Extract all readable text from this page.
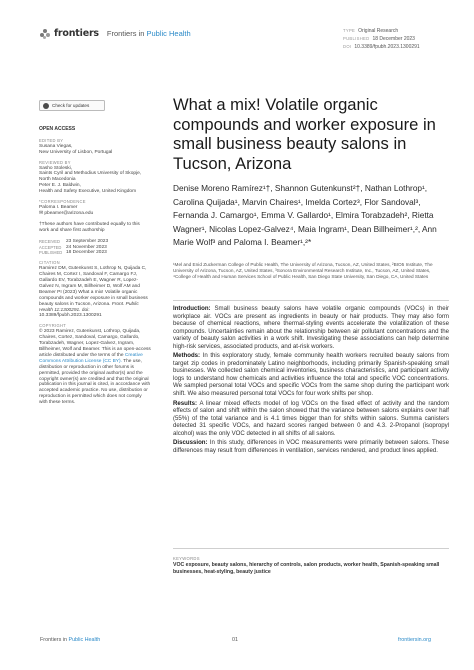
frontiers Frontiers in Public Health	TYPE Original Research
PUBLISHED 18 December 2023
DOI 10.3389/fpubh.2023.1300291
Check for updates
OPEN ACCESS
EDITED BY
Susana Viegas,
New University of Lisbon, Portugal
REVIEWED BY
Sasho Stoleski,
Saints Cyril and Methodius University of Skopje,
North Macedonia
Peter E. J. Baldwin,
Health and Safety Executive, United Kingdom
*CORRESPONDENCE
Paloma I. Beamer
✉ pbeamer@arizona.edu
†These authors have contributed equally to this work and share first authorship
RECEIVED	23 September 2023
ACCEPTED 24 November 2023
PUBLISHED 18 December 2023
CITATION
Ramirez DM, Gutenkunst S, Lothrop N, Quijada C, Chaires M, Cortez I, Sandoval F, Camargo FJ, Gallardo EV, Torabzadeh E, Wagner R, Lopez-Galvez N, Ingram M, Billheimer D, Wolf AM and Beamer PI (2023) What a mix! Volatile organic compounds and worker exposure in small business beauty salons in Tucson, Arizona. Front. Public Health 11:1300291. doi: 10.3389/fpubh.2023.1300291
COPYRIGHT
© 2023 Ramirez, Gutenkunst, Lothrop, Quijada, Chaires, Cortez, Sandoval, Camargo, Gallardo, Torabzadeh, Wagner, Lopez-Galvez, Ingram, Billheimer, Wolf and Beamer. This is an open-access article distributed under the terms of the Creative Commons Attribution License (CC BY). The use, distribution or reproduction in other forums is permitted, provided the original author(s) and the copyright owner(s) are credited and that the original publication in this journal is cited, in accordance with accepted academic practice. No use, distribution or reproduction is permitted which does not comply with these terms.
What a mix! Volatile organic compounds and worker exposure in small business beauty salons in Tucson, Arizona
Denise Moreno Ramírez¹†, Shannon Gutenkunst²†, Nathan Lothrop¹, Carolina Quijada¹, Marvin Chaires¹, Imelda Cortez³, Flor Sandoval³, Fernanda J. Camargo¹, Emma V. Gallardo¹, Elmira Torabzadeh², Rietta Wagner¹, Nicolas Lopez-Galvez⁴, Maia Ingram¹, Dean Billheimer¹,², Ann Marie Wolf³ and Paloma I. Beamer¹,²*
¹Mel and Enid Zuckerman College of Public Health, The University of Arizona, Tucson, AZ, United States, ²BIO5 Institute, The University of Arizona, Tucson, AZ, United States, ³Sonora Environmental Research Institute, Inc., Tucson, AZ, United States, ⁴College of Health and Human Services School of Public Health, San Diego State University, San Diego, CA, United States

Introduction: Small business beauty salons have volatile organic compounds (VOCs) in their workplace air. VOCs are present as ingredients in beauty or hair products. They may also form because of chemical reactions, where thermal-styling events accelerate the volatilization of these compounds. Uncertainties remain about the relationship between air pollutant concentrations and the variety of beauty salon activities in a work shift. Investigating these associations can help determine high-risk services, associated products, and at-risk workers.

Methods: In this exploratory study, female community health workers recruited beauty salons from target zip codes in predominately Latino neighborhoods, including primarily Spanish-speaking small businesses. We collected salon chemical inventories, business characteristics, and participant activity logs to understand how chemicals and activities influence the total and specific VOC concentrations. We sampled personal total VOCs and specific VOCs from the same shop during the participant work shift. We also measured personal total VOCs for four work shifts per shop.

Results: A linear mixed effects model of log VOCs on the fixed effect of activity and the random effects of salon and shift within the salon showed that the variance between salons explains over half (55%) of the total variance and is 4.1 times bigger than for shifts within salons. Summa canisters detected 31 specific VOCs, and hazard scores ranged between 0 and 4.3. 2-Propanol (isopropyl alcohol) was the only VOC detected in all shifts of all salons.

Discussion: In this study, differences in VOC measurements were primarily between salons. These differences may result from differences in ventilation, services rendered, and product lines applied.

KEYWORDS
VOC exposure, beauty salons, hierarchy of controls, salon products, worker health, Spanish-speaking small businesses, heat-styling, beauty justice
Frontiers in Public Health	01	frontiersin.org
